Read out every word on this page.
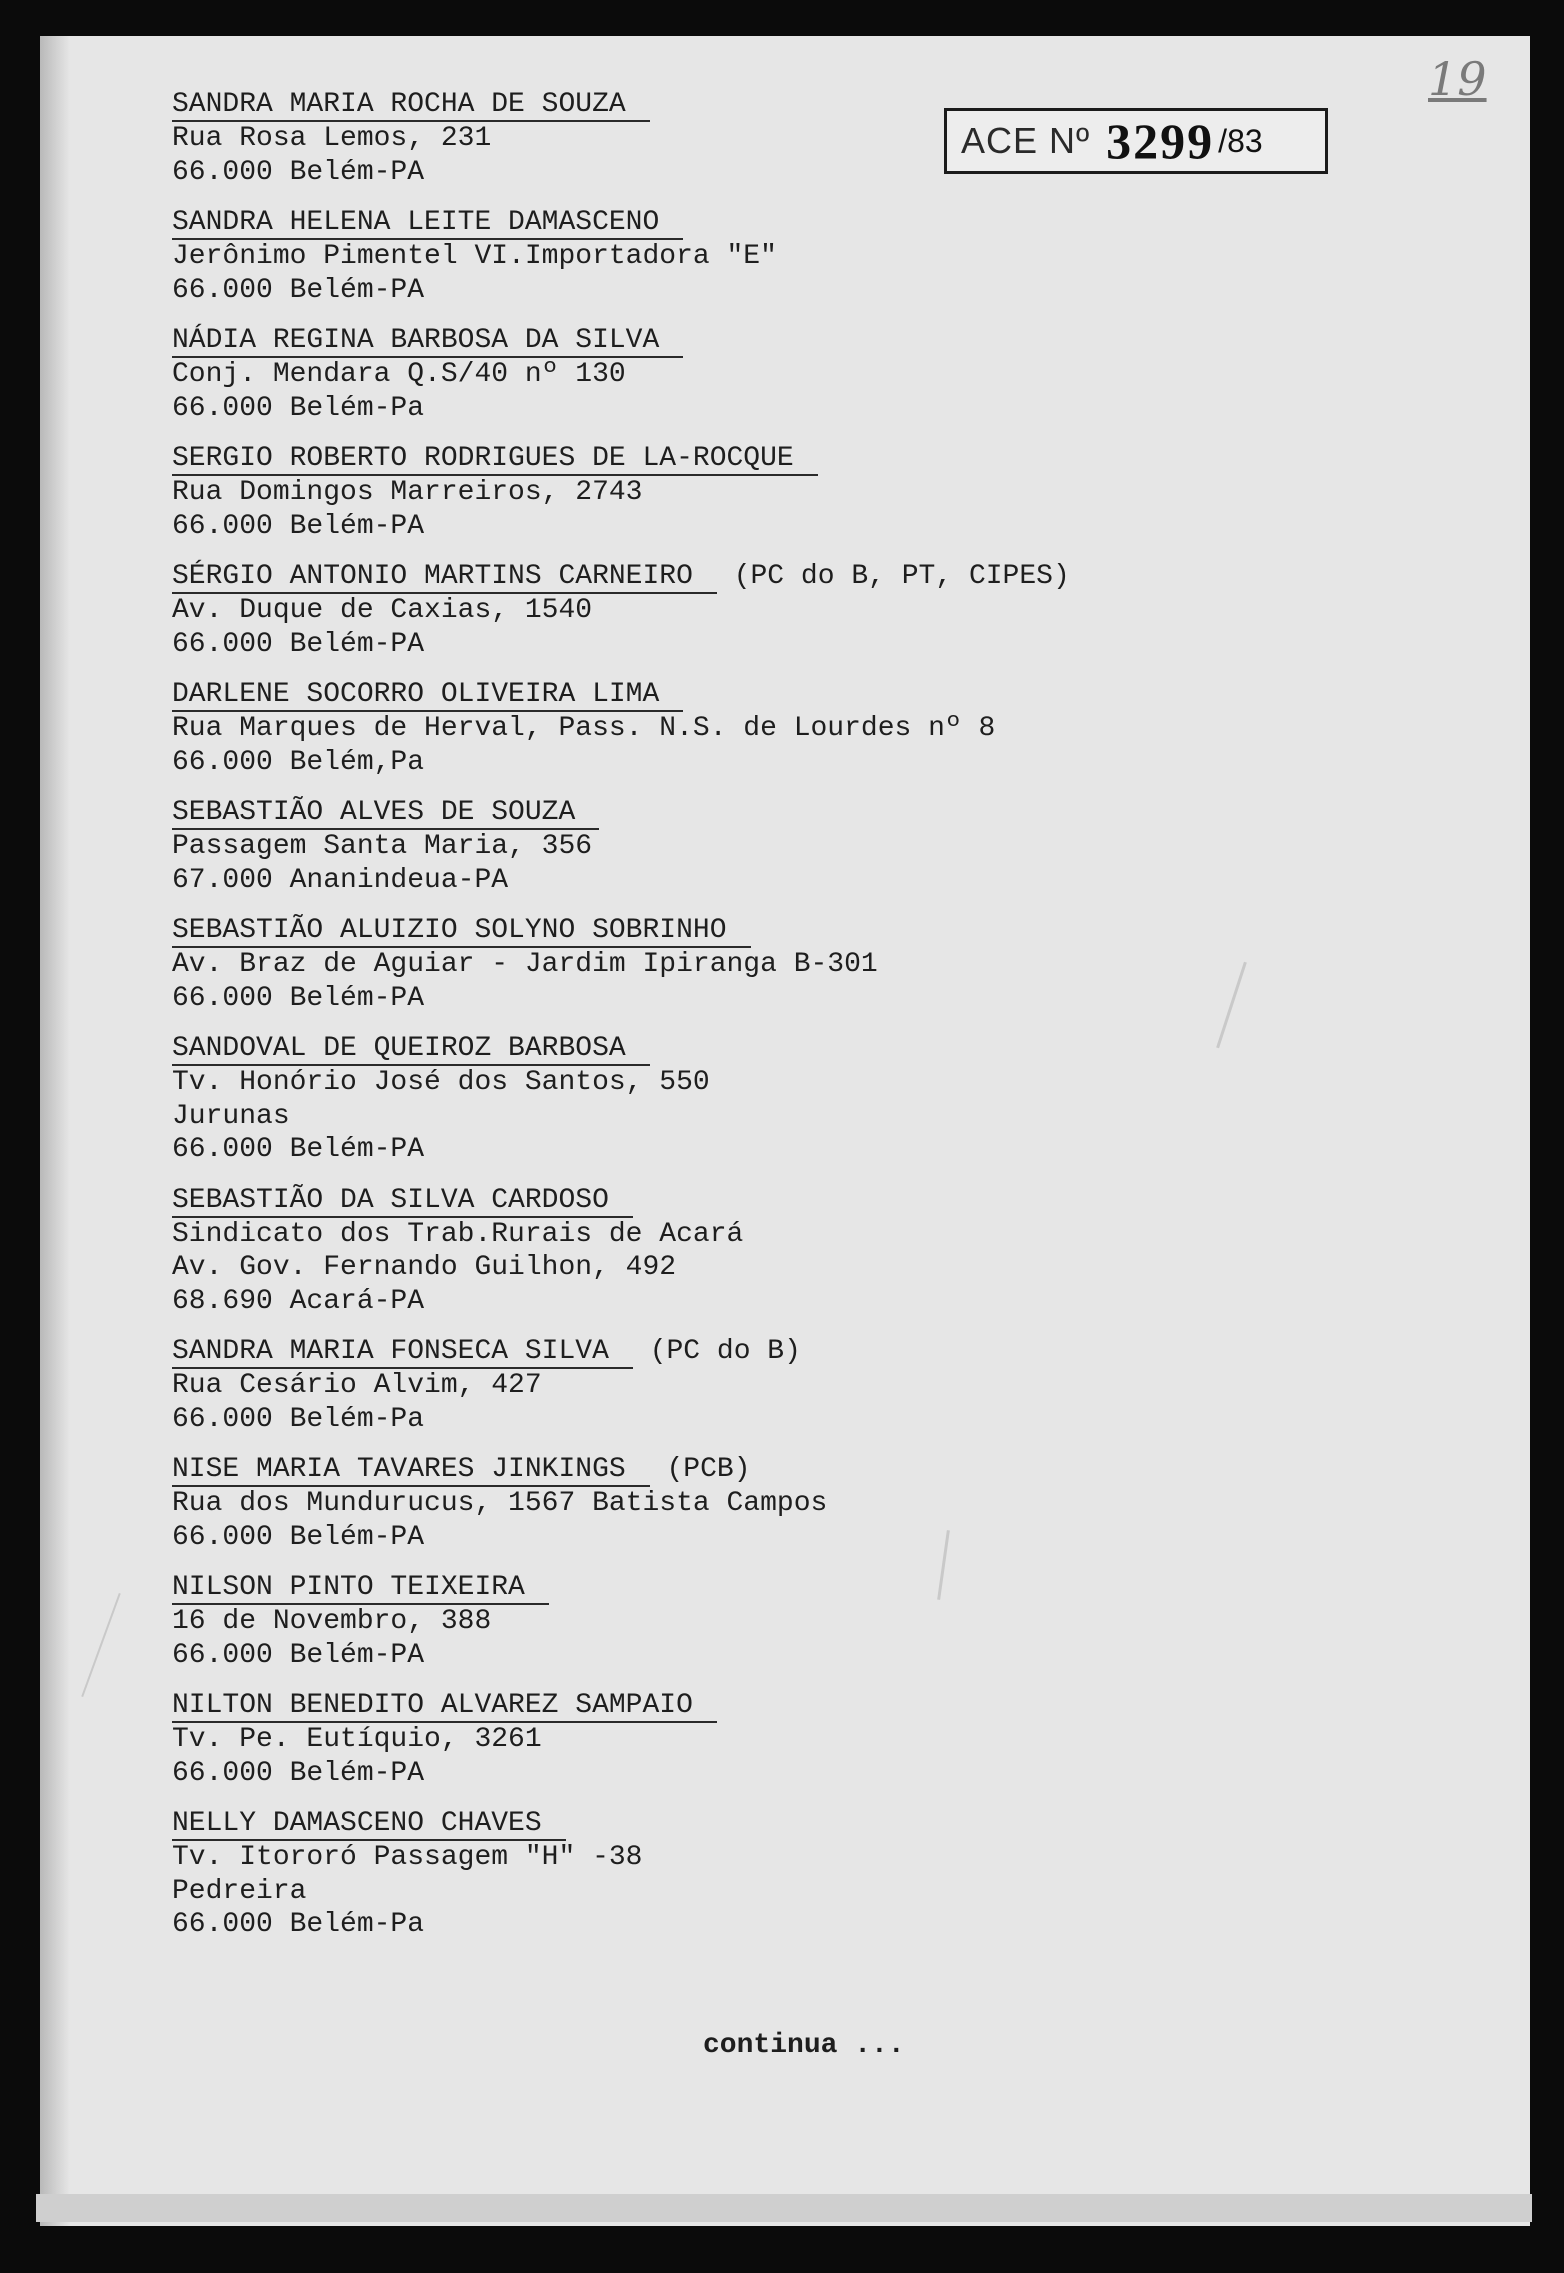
19
ACE Nº 3299 /83
SANDRA MARIA ROCHA DE SOUZA
Rua Rosa Lemos, 231
66.000 Belém-PA
SANDRA HELENA LEITE DAMASCENO
Jerônimo Pimentel VI.Importadora "E"
66.000 Belém-PA
NÁDIA REGINA BARBOSA DA SILVA
Conj. Mendara Q.S/40 nº 130
66.000 Belém-Pa
SERGIO ROBERTO RODRIGUES DE LA-ROCQUE
Rua Domingos Marreiros, 2743
66.000 Belém-PA
SÉRGIO ANTONIO MARTINS CARNEIRO (PC do B, PT, CIPES)
Av. Duque de Caxias, 1540
66.000 Belém-PA
DARLENE SOCORRO OLIVEIRA LIMA
Rua Marques de Herval, Pass. N.S. de Lourdes nº 8
66.000 Belém,Pa
SEBASTIÃO ALVES DE SOUZA
Passagem Santa Maria, 356
67.000 Ananindeua-PA
SEBASTIÃO ALUIZIO SOLYNO SOBRINHO
Av. Braz de Aguiar - Jardim Ipiranga B-301
66.000 Belém-PA
SANDOVAL DE QUEIROZ BARBOSA
Tv. Honório José dos Santos, 550
Jurunas
66.000 Belém-PA
SEBASTIÃO DA SILVA CARDOSO
Sindicato dos Trab.Rurais de Acará
Av. Gov. Fernando Guilhon, 492
68.690 Acará-PA
SANDRA MARIA FONSECA SILVA (PC do B)
Rua Cesário Alvim, 427
66.000 Belém-Pa
NISE MARIA TAVARES JINKINGS (PCB)
Rua dos Mundurucus, 1567 Batista Campos
66.000 Belém-PA
NILSON PINTO TEIXEIRA
16 de Novembro, 388
66.000 Belém-PA
NILTON BENEDITO ALVAREZ SAMPAIO
Tv. Pe. Eutíquio, 3261
66.000 Belém-PA
NELLY DAMASCENO CHAVES
Tv. Itororó Passagem "H" -38
Pedreira
66.000 Belém-Pa
continua ...
